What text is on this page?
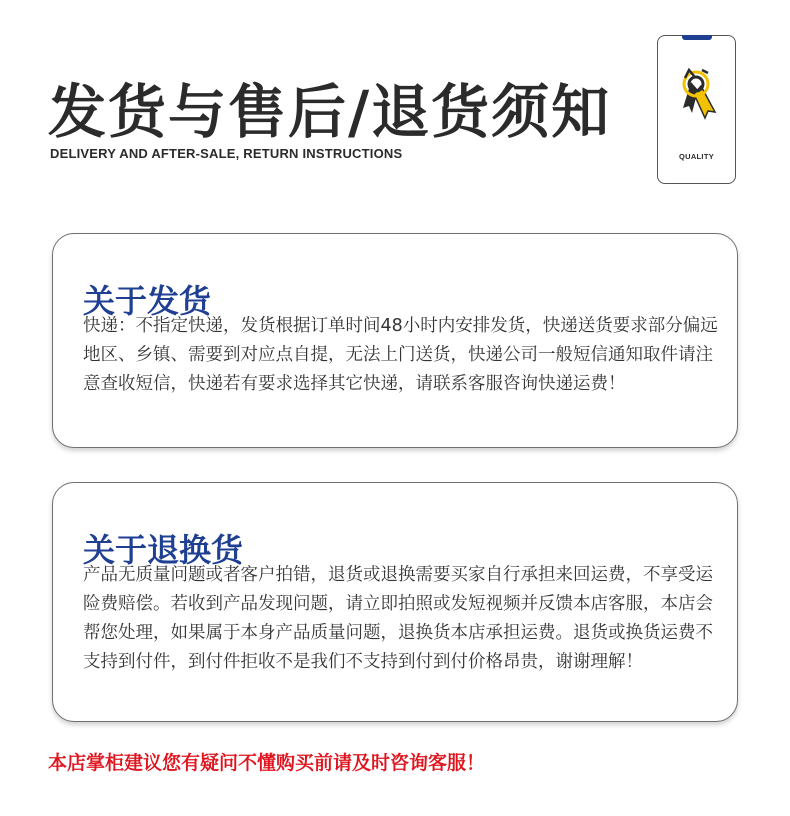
发货与售后/退货须知
DELIVERY AND AFTER-SALE, RETURN INSTRUCTIONS	QUALITY
关于发货

快递：不指定快递，发货根据订单时间48小时内安排发货，快递送货要求部分偏远地区、乡镇、需要到对应点自提，无法上门送货，快递公司一般短信通知取件请注意查收短信，快递若有要求选择其它快递，请联系客服咨询快递运费！

关于退换货

产品无质量问题或者客户拍错，退货或退换需要买家自行承担来回运费，不享受运险费赔偿。若收到产品发现问题，请立即拍照或发短视频并反馈本店客服，本店会帮您处理，如果属于本身产品质量问题，退换货本店承担运费。退货或换货运费不支持到付件，到付件拒收不是我们不支持到付到付价格昂贵，谢谢理解！

本店掌柜建议您有疑问不懂购买前请及时咨询客服！
